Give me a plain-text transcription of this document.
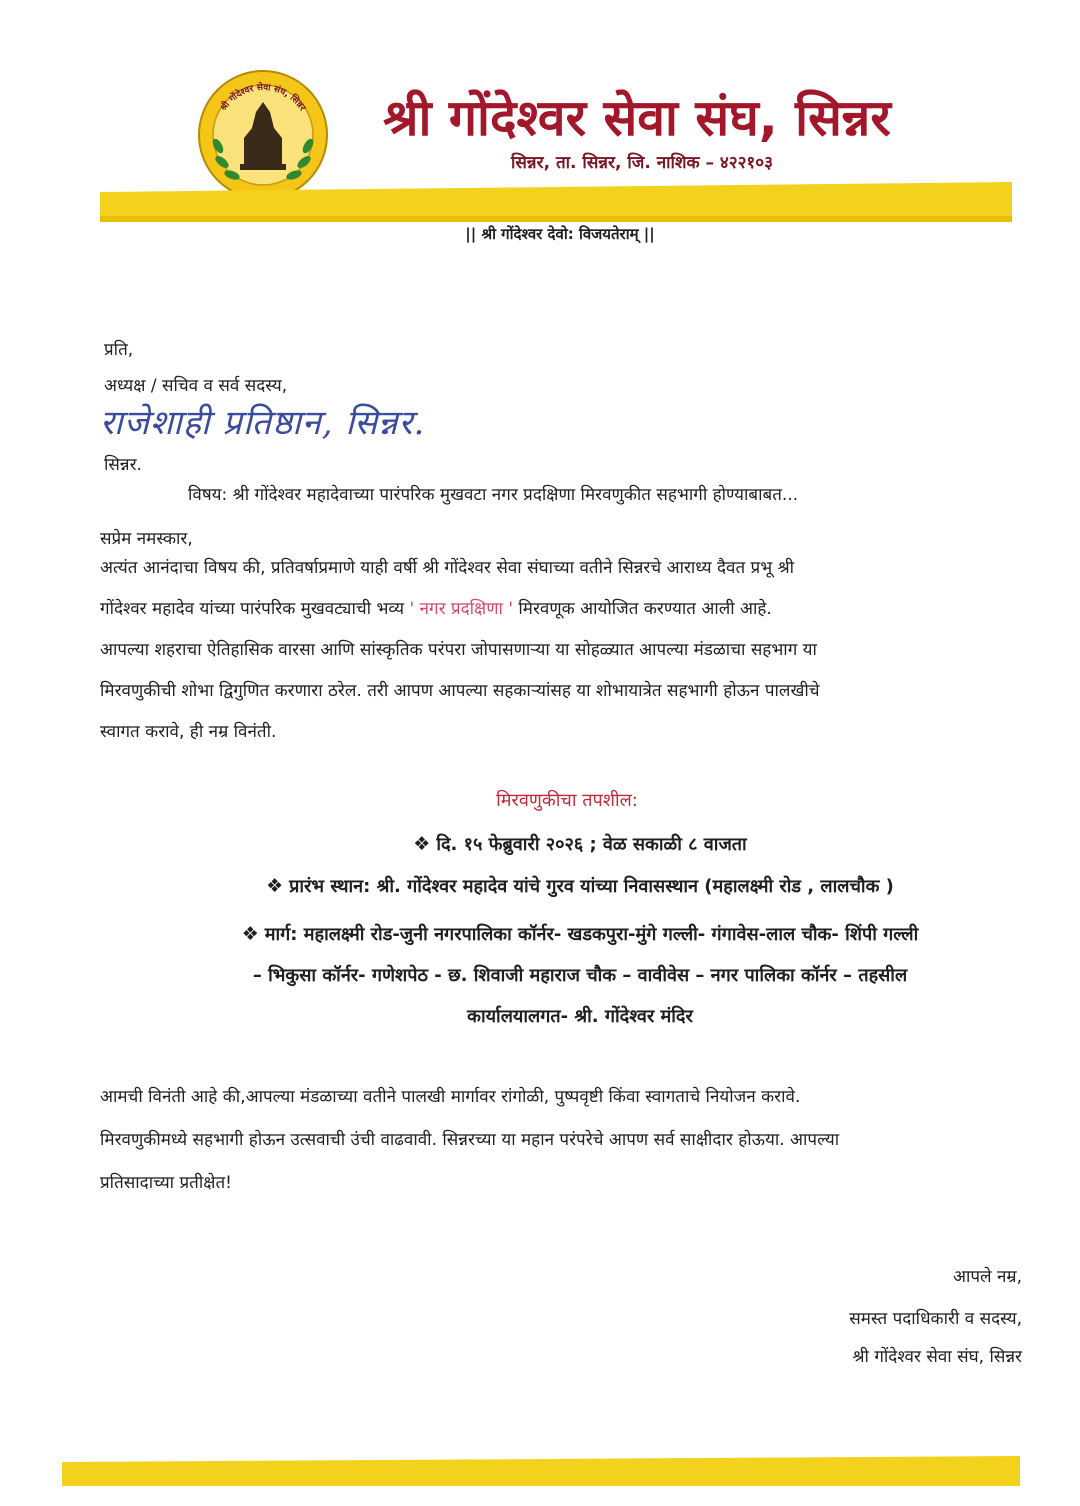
श्री गोंदेश्वर सेवा संघ, सिन्नर श्री गोंदेश्वर सेवा संघ, सिन्नर
सिन्नर, ता. सिन्नर, जि. नाशिक – ४२२१०३
|| श्री गोंदेश्वर देवो: विजयतेराम् ||
प्रति,
अध्यक्ष / सचिव व सर्व सदस्य,
राजेशाही प्रतिष्ठान, सिन्नर.
सिन्नर.
विषय: श्री गोंदेश्वर महादेवाच्या पारंपरिक मुखवटा नगर प्रदक्षिणा मिरवणुकीत सहभागी होण्याबाबत...
सप्रेम नमस्कार,
अत्यंत आनंदाचा विषय की, प्रतिवर्षाप्रमाणे याही वर्षी श्री गोंदेश्वर सेवा संघाच्या वतीने सिन्नरचे आराध्य दैवत प्रभू श्री
गोंदेश्वर महादेव यांच्या पारंपरिक मुखवट्याची भव्य ' नगर प्रदक्षिणा ' मिरवणूक आयोजित करण्यात आली आहे.
आपल्या शहराचा ऐतिहासिक वारसा आणि सांस्कृतिक परंपरा जोपासणाऱ्या या सोहळ्यात आपल्या मंडळाचा सहभाग या
मिरवणुकीची शोभा द्विगुणित करणारा ठरेल. तरी आपण आपल्या सहकाऱ्यांसह या शोभायात्रेत सहभागी होऊन पालखीचे
स्वागत करावे, ही नम्र विनंती.
मिरवणुकीचा तपशील:
❖ दि. १५ फेब्रुवारी २०२६ ; वेळ सकाळी ८ वाजता
❖ प्रारंभ स्थान: श्री. गोंदेश्वर महादेव यांचे गुरव यांच्या निवासस्थान (महालक्ष्मी रोड , लालचौक )
❖ मार्ग: महालक्ष्मी रोड-जुनी नगरपालिका कॉर्नर- खडकपुरा-मुंगे गल्ली- गंगावेस-लाल चौक- शिंपी गल्ली
– भिकुसा कॉर्नर- गणेशपेठ - छ. शिवाजी महाराज चौक – वावीवेस – नगर पालिका कॉर्नर – तहसील
कार्यालयालगत- श्री. गोंदेश्वर मंदिर
आमची विनंती आहे की,आपल्या मंडळाच्या वतीने पालखी मार्गावर रांगोळी, पुष्पवृष्टी किंवा स्वागताचे नियोजन करावे.
मिरवणुकीमध्ये सहभागी होऊन उत्सवाची उंची वाढवावी. सिन्नरच्या या महान परंपरेचे आपण सर्व साक्षीदार होऊया. आपल्या
प्रतिसादाच्या प्रतीक्षेत!
आपले नम्र,
समस्त पदाधिकारी व सदस्य,
श्री गोंदेश्वर सेवा संघ, सिन्नर
